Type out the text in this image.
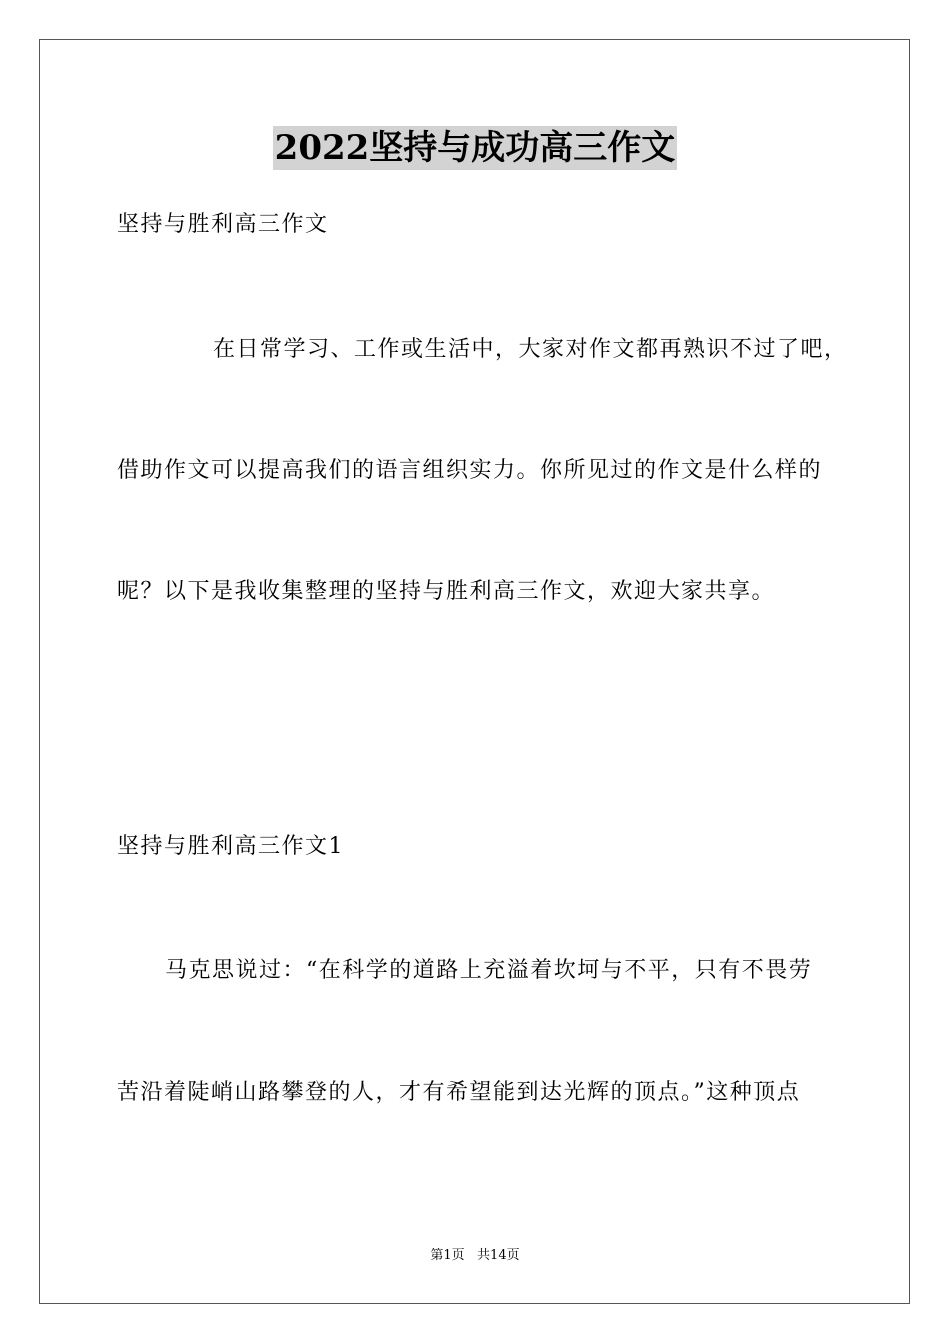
2022坚持与成功高三作文
坚持与胜利高三作文
在日常学习、工作或生活中，大家对作文都再熟识不过了吧，
借助作文可以提高我们的语言组织实力。你所见过的作文是什么样的
呢？以下是我收集整理的坚持与胜利高三作文，欢迎大家共享。
坚持与胜利高三作文1
马克思说过：“在科学的道路上充溢着坎坷与不平，只有不畏劳
苦沿着陡峭山路攀登的人，才有希望能到达光辉的顶点。”这种顶点
第1页   共14页
